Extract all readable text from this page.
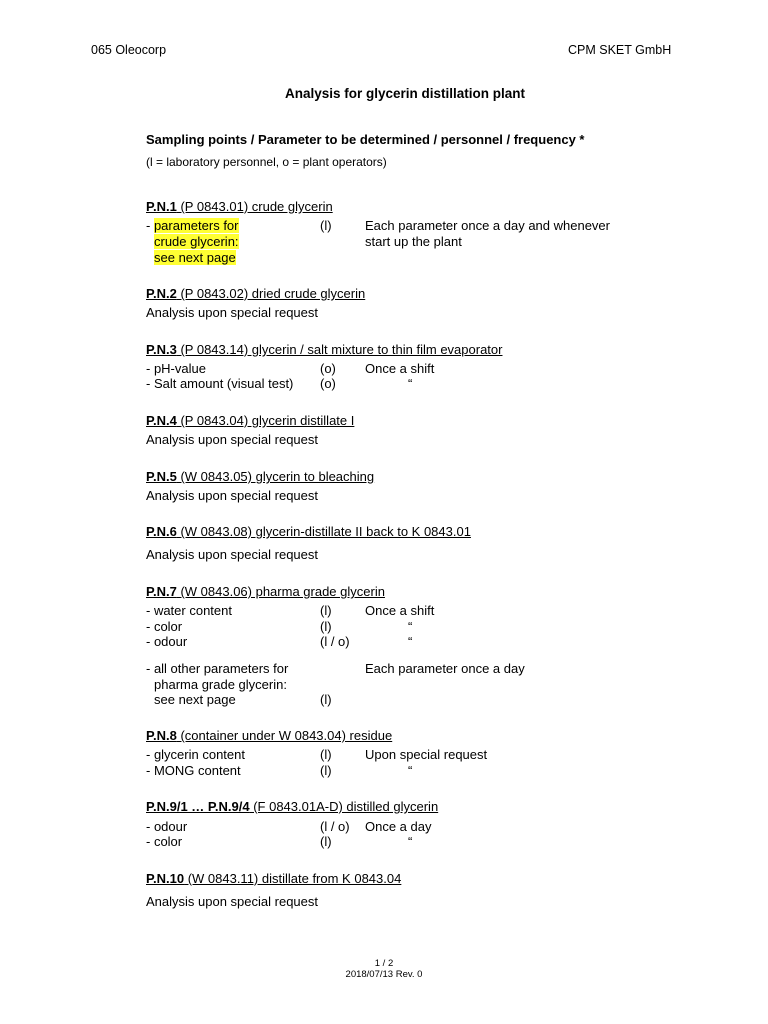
065 Oleocorp	CPM SKET GmbH
Analysis for glycerin distillation plant
Sampling points / Parameter to be determined / personnel / frequency *
(l = laboratory personnel, o = plant operators)
P.N.1 (P 0843.01) crude glycerin
- parameters for
crude glycerin:
see next page
(l)	Each parameter once a day and whenever
start up the plant
P.N.2 (P 0843.02) dried crude glycerin
Analysis upon special request
P.N.3 (P 0843.14) glycerin / salt mixture to thin film evaporator
- pH-value	(o) Once a shift
- Salt amount (visual test) (o)	“
P.N.4 (P 0843.04) glycerin distillate I
Analysis upon special request
P.N.5 (W 0843.05) glycerin to bleaching
Analysis upon special request
P.N.6 (W 0843.08) glycerin-distillate II back to K 0843.01
Analysis upon special request
P.N.7 (W 0843.06) pharma grade glycerin
- water content	(l)	Once a shift
- color	(l)	“
- odour	(l / o)	“
- all other parameters for	Each parameter once a day
pharma grade glycerin:
see next page	(l)
P.N.8 (container under W 0843.04) residue
- glycerin content	(l)	Upon special request
- MONG content	(l)	“
P.N.9/1 … P.N.9/4 (F 0843.01A-D) distilled glycerin
- odour	(l / o) Once a day
- color	(l)	“
P.N.10 (W 0843.11) distillate from K 0843.04
Analysis upon special request
1 / 2
2018/07/13 Rev. 0
